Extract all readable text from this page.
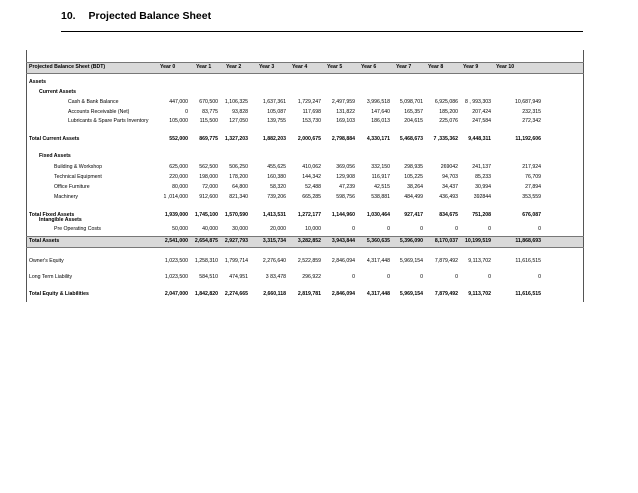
10. Projected Balance Sheet
Projected Balance Sheet (BDT)	Year 0	Year 1	Year 2	Year 3	Year 4	Year 5	Year 6	Year 7	Year 8	Year 9	Year 10
Assets
Current Assets
Cash & Bank Balance	447,000	670,500	1,106,325	1,637,361	1,729,247	2,497,959	3,996,518	5,098,701	6,925,086	8 , 993,303	10,687,949
Accounts Receivable (Net)	0	83,775	93,828	105,087	117,698	131,822	147,640	165,357	185,200	207,424	232,315
Lubricants & Spare Parts Inventory	105,000	115,500	127,050	139,755	153,730	169,103	186,013	204,615	225,076	247,584	272,342
Total Current Assets	552,000	869,775	1,327,203	1,882,203	2,000,675	2,798,884	4,330,171	5,468,673	7 ,335,362	9,448,311	11,192,606
Fixed Assets
Building & Workshop	625,000	562,500	506,250	455,625	410,062	369,056	332,150	298,935	269042	241,137	217,924
Technical Equipment	220,000	198,000	178,200	160,380	144,342	129,908	116,917	105,225	94,703	85,233	76,709
Office Furniture	80,000	72,000	64,800	58,320	52,488	47,239	42,515	38,264	34,437	30,994	27,894
Machinery	1 ,014,000	912,600	821,340	739,206	665,285	598,756	538,881	484,499	436,493	392844	353,559
Total Fixed Assets	1,939,000	1,745,100	1,570,590	1,413,531	1,272,177	1,144,960	1,030,464	927,417	834,675	751,208	676,087
Intangible Assets
Pre Operating Costs	50,000	40,000	30,000	20,000	10,000	0	0	0	0	0	0
Total Assets	2,541,000	2,654,875	2,927,793	3,315,734	3,282,852	3,943,844	5,360,635	5,396,090	8,170,037	10,199,519	11,868,693
Owner's Equity	1,023,500	1,258,310	1,799,714	2,276,640	2,522,859	2,846,094	4,317,448	5,969,154	7,879,492	9,113,702	11,616,515
Long Term Liability	1,023,500	584,510	474,951	3 83,478	296,922	0	0	0	0	0	0
Total Equity & Liabilities	2,047,000	1,842,820	2,274,665	2,660,118	2,819,781	2,846,094	4,317,448	5,969,154	7,879,492	9,113,702	11,616,515
